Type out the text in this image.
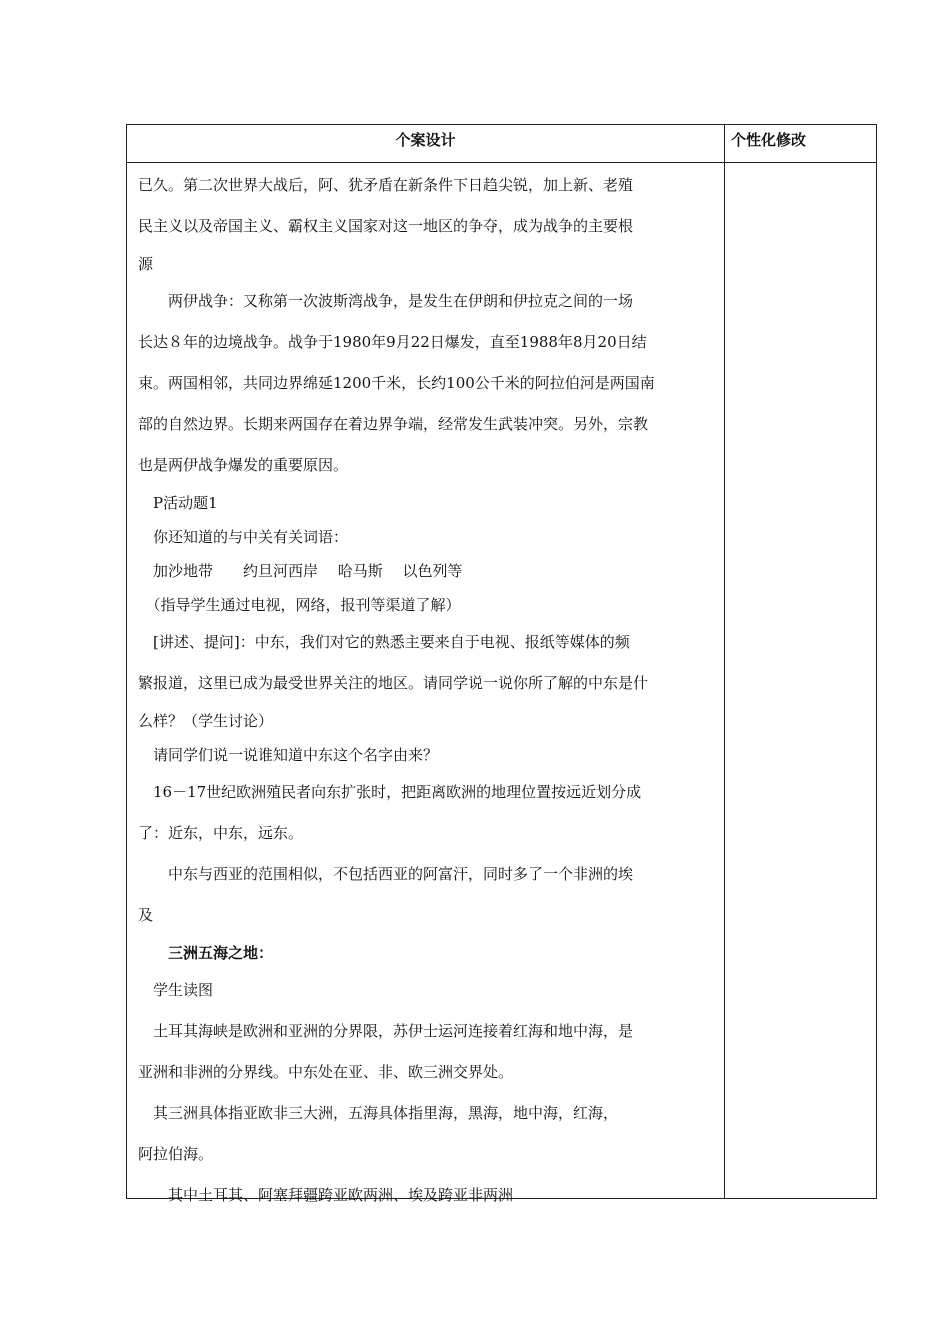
个案设计	个性化修改

已久。第二次世界大战后，阿、犹矛盾在新条件下日趋尖锐，加上新、老殖

民主义以及帝国主义、霸权主义国家对这一地区的争夺，成为战争的主要根

源

　　两伊战争：又称第一次波斯湾战争，是发生在伊朗和伊拉克之间的一场

长达８年的边境战争。战争于1980年9月22日爆发，直至1988年8月20日结

束。两国相邻，共同边界绵延1200千米，长约100公千米的阿拉伯河是两国南

部的自然边界。长期来两国存在着边界争端，经常发生武装冲突。另外，宗教

也是两伊战争爆发的重要原因。

　P活动题1

　你还知道的与中关有关词语：

　加沙地带　　约旦河西岸　 哈马斯　 以色列等

　（指导学生通过电视，网络，报刊等渠道了解）

　[讲述、提问]：中东，我们对它的熟悉主要来自于电视、报纸等媒体的频

繁报道，这里已成为最受世界关注的地区。请同学说一说你所了解的中东是什

么样？（学生讨论）

　请同学们说一说谁知道中东这个名字由来？

　16－17世纪欧洲殖民者向东扩张时，把距离欧洲的地理位置按远近划分成

了：近东，中东，远东。

　　中东与西亚的范围相似，不包括西亚的阿富汗，同时多了一个非洲的埃

及

　　三洲五海之地：

　学生读图

　土耳其海峡是欧洲和亚洲的分界限，苏伊士运河连接着红海和地中海，是

亚洲和非洲的分界线。中东处在亚、非、欧三洲交界处。

　其三洲具体指亚欧非三大洲，五海具体指里海，黑海，地中海，红海，

阿拉伯海。

　　其中土耳其、阿塞拜疆跨亚欧两洲、埃及跨亚非两洲
